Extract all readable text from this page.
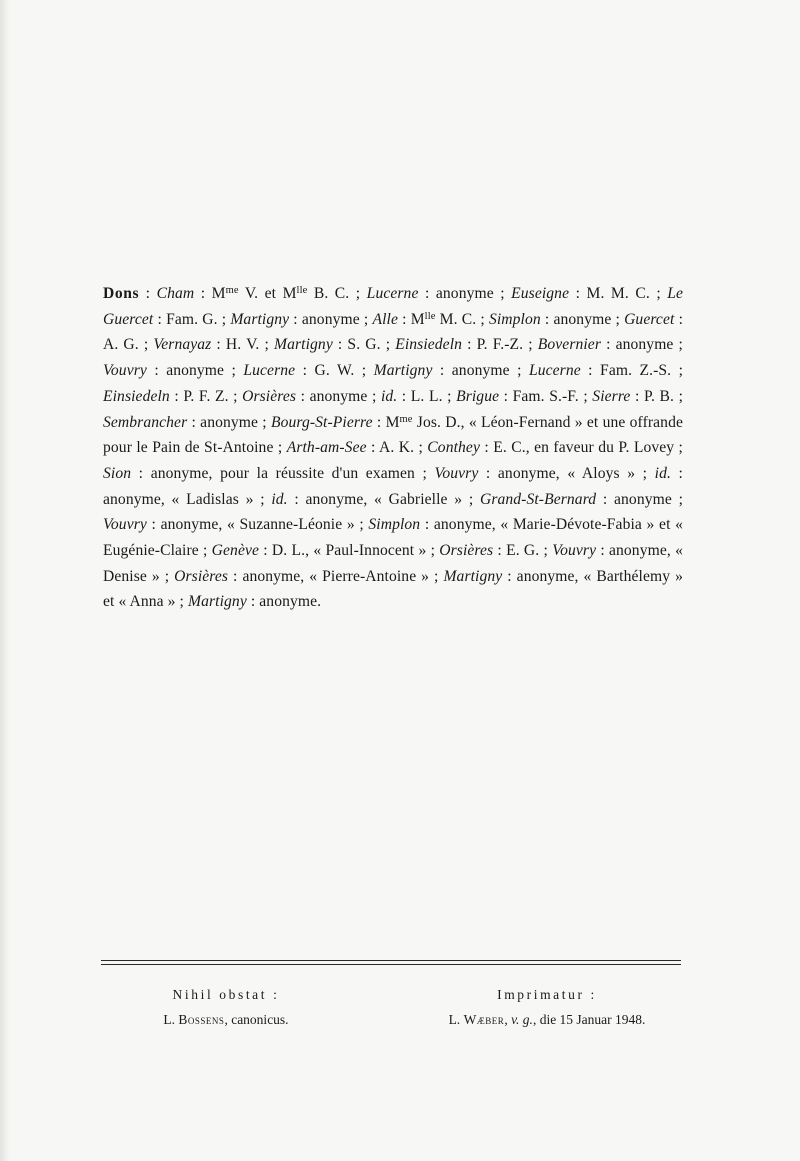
Dons : Cham : $M^{me}$ V. et $M^{lle}$ B. C. ; Lucerne : anonyme ; Euseigne : M. M. C. ; Le Guercet : Fam. G. ; Martigny : anonyme ; Alle : $M^{lle}$ M. C. ; Simplon : anonyme ; Guercet : A. G. ; Vernayaz : H. V. ; Martigny : S. G. ; Einsiedeln : P. F.-Z. ; Bovernier : anonyme ; Vouvry : anonyme ; Lucerne : G. W. ; Martigny : anonyme ; Lucerne : Fam. Z.-S. ; Einsiedeln : P. F. Z. ; Orsières : anonyme ; id. : L. L. ; Brigue : Fam. S.-F. ; Sierre : P. B. ; Sembrancher : anonyme ; Bourg-St-Pierre : $M^{me}$ Jos. D., « Léon-Fernand » et une offrande pour le Pain de St-Antoine ; Arth-am-See : A. K. ; Conthey : E. C., en faveur du P. Lovey ; Sion : anonyme, pour la réussite d'un examen ; Vouvry : anonyme, « Aloys » ; id. : anonyme, « Ladislas » ; id. : anonyme, « Gabrielle » ; Grand-St-Bernard : anonyme ; Vouvry : anonyme, « Suzanne-Léonie » ; Simplon : anonyme, « Marie-Dévote-Fabia » et « Eugénie-Claire ; Genève : D. L., « Paul-Innocent » ; Orsières : E. G. ; Vouvry : anonyme, « Denise » ; Orsières : anonyme, « Pierre-Antoine » ; Martigny : anonyme, « Barthélemy » et « Anna » ; Martigny : anonyme.
Nihil obstat :
L. Bossens, canonicus.
Imprimatur :
L. Wæber, v. g., die 15 Januar 1948.
